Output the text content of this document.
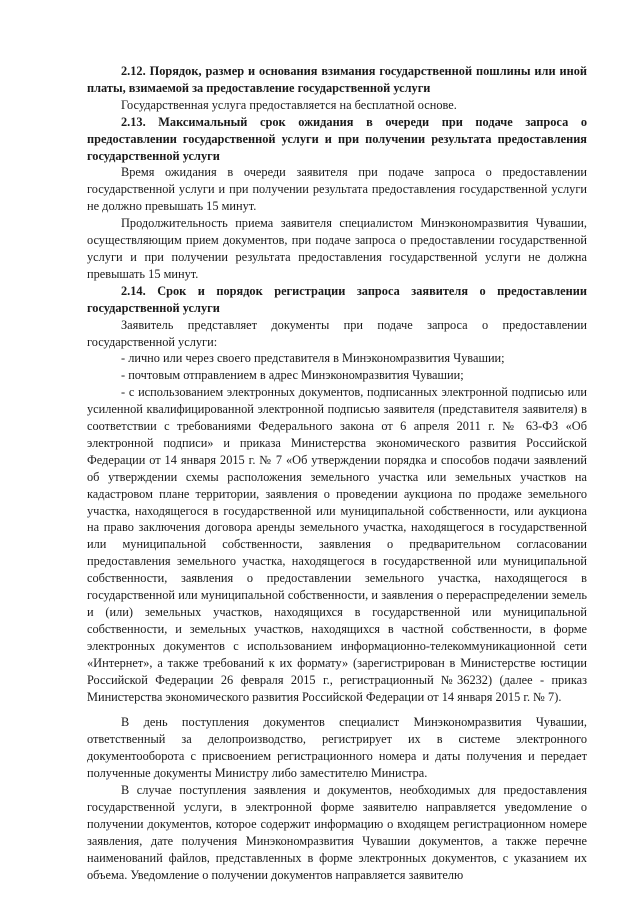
2.12. Порядок, размер и основания взимания государственной пошлины или иной платы, взимаемой за предоставление государственной услуги

Государственная услуга предоставляется на бесплатной основе.

2.13. Максимальный срок ожидания в очереди при подаче запроса о предоставлении государственной услуги и при получении результата предоставления государственной услуги

Время ожидания в очереди заявителя при подаче запроса о предоставлении государственной услуги и при получении результата предоставления государственной услуги не должно превышать 15 минут.

Продолжительность приема заявителя специалистом Минэкономразвития Чувашии, осуществляющим прием документов, при подаче запроса о предоставлении государственной услуги и при получении результата предоставления государственной услуги не должна превышать 15 минут.

2.14. Срок и порядок регистрации запроса заявителя о предоставлении государственной услуги

Заявитель представляет документы при подаче запроса о предоставлении государственной услуги:

- лично или через своего представителя в Минэкономразвития Чувашии;

- почтовым отправлением в адрес Минэкономразвития Чувашии;

- с использованием электронных документов, подписанных электронной подписью или усиленной квалифицированной электронной подписью заявителя (представителя заявителя) в соответствии с требованиями Федерального закона от 6 апреля 2011 г. № 63-ФЗ «Об электронной подписи» и приказа Министерства экономического развития Российской Федерации от 14 января 2015 г. № 7 «Об утверждении порядка и способов подачи заявлений об утверждении схемы расположения земельного участка или земельных участков на кадастровом плане территории, заявления о проведении аукциона по продаже земельного участка, находящегося в государственной или муниципальной собственности, или аукциона на право заключения договора аренды земельного участка, находящегося в государственной или муниципальной собственности, заявления о предварительном согласовании предоставления земельного участка, находящегося в государственной или муниципальной собственности, заявления о предоставлении земельного участка, находящегося в государственной или муниципальной собственности, и заявления о перераспределении земель и (или) земельных участков, находящихся в государственной или муниципальной собственности, и земельных участков, находящихся в частной собственности, в форме электронных документов с использованием информационно-телекоммуникационной сети «Интернет», а также требований к их формату» (зарегистрирован в Министерстве юстиции Российской Федерации 26 февраля 2015 г., регистрационный №36232) (далее - приказ Министерства экономического развития Российской Федерации от 14 января 2015 г. № 7).

В день поступления документов специалист Минэкономразвития Чувашии, ответственный за делопроизводство, регистрирует их в системе электронного документооборота с присвоением регистрационного номера и даты получения и передает полученные документы Министру либо заместителю Министра.

В случае поступления заявления и документов, необходимых для предоставления государственной услуги, в электронной форме заявителю направляется уведомление о получении документов, которое содержит информацию о входящем регистрационном номере заявления, дате получения Минэкономразвития Чувашии документов, а также перечне наименований файлов, представленных в форме электронных документов, с указанием их объема. Уведомление о получении документов направляется заявителю
